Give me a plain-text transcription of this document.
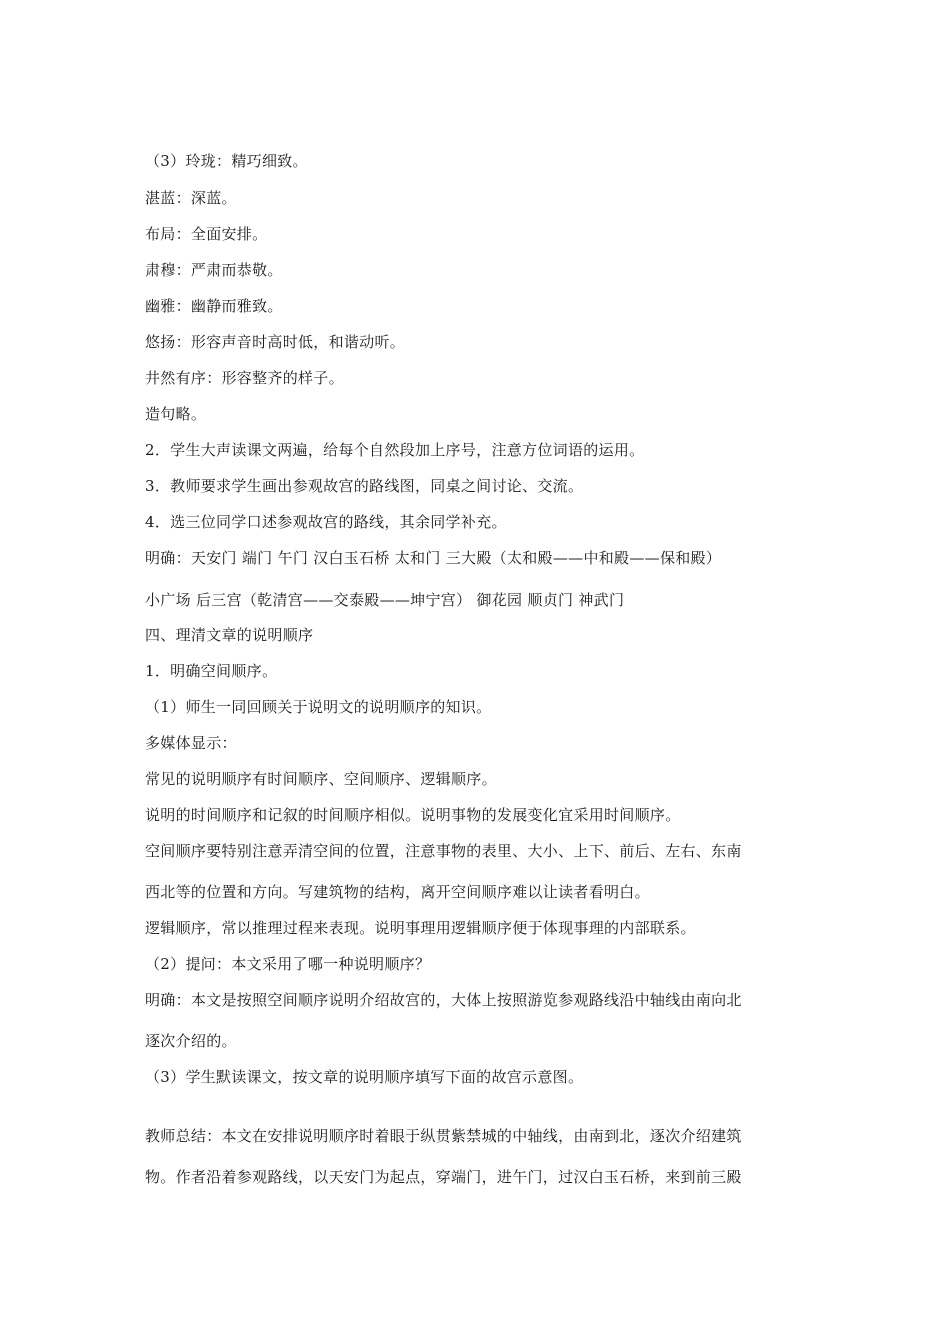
（3）玲珑：精巧细致。
湛蓝：深蓝。
布局：全面安排。
肃穆：严肃而恭敬。
幽雅：幽静而雅致。
悠扬：形容声音时高时低，和谐动听。
井然有序：形容整齐的样子。
造句略。
2．学生大声读课文两遍，给每个自然段加上序号，注意方位词语的运用。
3．教师要求学生画出参观故宫的路线图，同桌之间讨论、交流。
4．选三位同学口述参观故宫的路线，其余同学补充。
明确：天安门 端门 午门 汉白玉石桥 太和门 三大殿（太和殿——中和殿——保和殿）
小广场 后三宫（乾清宫——交泰殿——坤宁宫） 御花园 顺贞门 神武门
四、理清文章的说明顺序
1．明确空间顺序。
（1）师生一同回顾关于说明文的说明顺序的知识。
多媒体显示：
常见的说明顺序有时间顺序、空间顺序、逻辑顺序。
说明的时间顺序和记叙的时间顺序相似。说明事物的发展变化宜采用时间顺序。
空间顺序要特别注意弄清空间的位置，注意事物的表里、大小、上下、前后、左右、东南
西北等的位置和方向。写建筑物的结构，离开空间顺序难以让读者看明白。
逻辑顺序，常以推理过程来表现。说明事理用逻辑顺序便于体现事理的内部联系。
（2）提问：本文采用了哪一种说明顺序？
明确：本文是按照空间顺序说明介绍故宫的，大体上按照游览参观路线沿中轴线由南向北
逐次介绍的。
（3）学生默读课文，按文章的说明顺序填写下面的故宫示意图。
教师总结：本文在安排说明顺序时着眼于纵贯紫禁城的中轴线，由南到北，逐次介绍建筑
物。作者沿着参观路线，以天安门为起点，穿端门，进午门，过汉白玉石桥，来到前三殿
